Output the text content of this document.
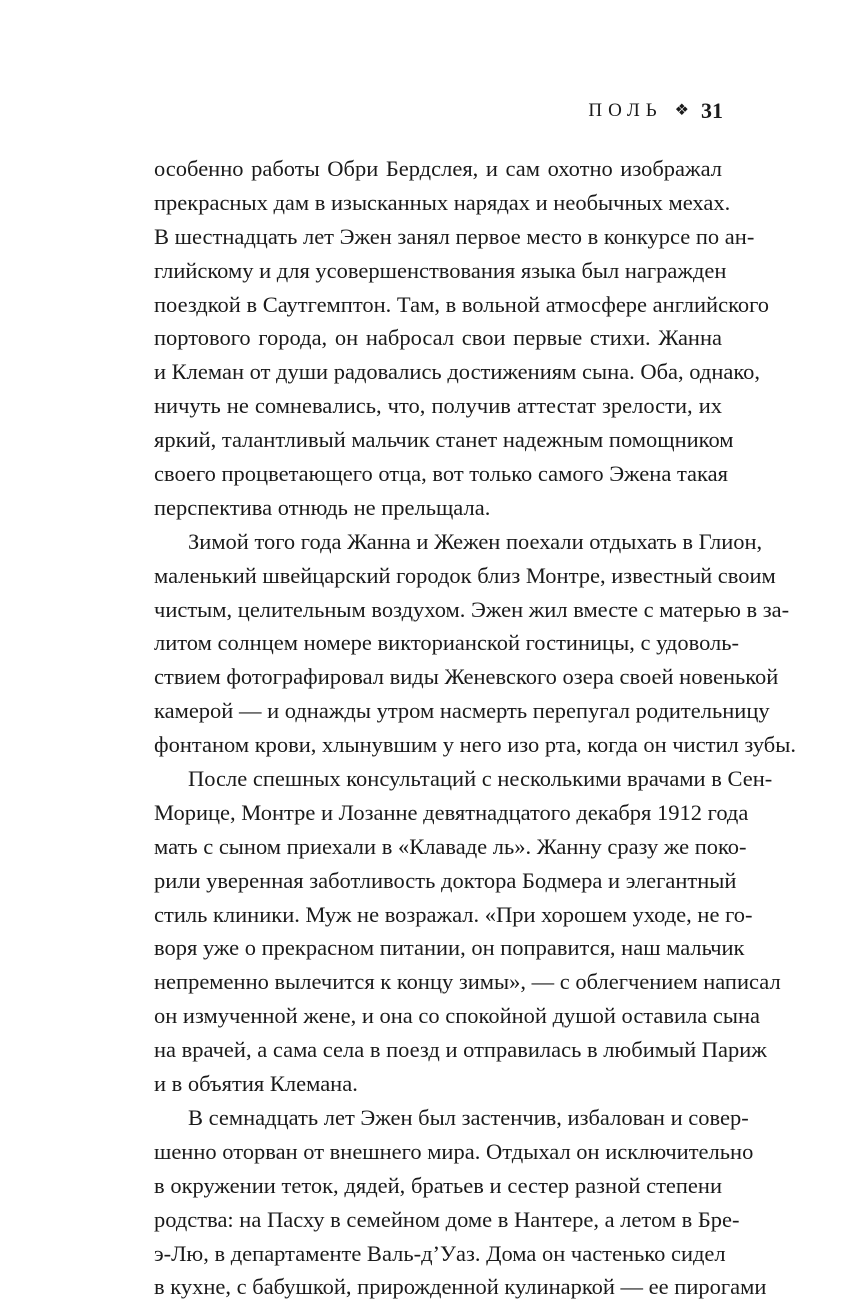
ПОЛЬ ❖ 31
особенно работы Обри Бердслея, и сам охотно изображал
прекрасных дам в изысканных нарядах и необычных мехах.
В шестнадцать лет Эжен занял первое место в конкурсе по ан-
глийскому и для усовершенствования языка был награжден
поездкой в Саутгемптон. Там, в вольной атмосфере английского
портового города, он набросал свои первые стихи. Жанна
и Клеман от души радовались достижениям сына. Оба, однако,
ничуть не сомневались, что, получив аттестат зрелости, их
яркий, талантливый мальчик станет надежным помощником
своего процветающего отца, вот только самого Эжена такая
перспектива отнюдь не прельщала.
Зимой того года Жанна и Жежен поехали отдыхать в Глион,
маленький швейцарский городок близ Монтре, известный своим
чистым, целительным воздухом. Эжен жил вместе с матерью в за-
литом солнцем номере викторианской гостиницы, с удоволь-
ствием фотографировал виды Женевского озера своей новенькой
камерой — и однажды утром насмерть перепугал родительницу
фонтаном крови, хлынувшим у него изо рта, когда он чистил зубы.
После спешных консультаций с несколькими врачами в Сен-
Морице, Монтре и Лозанне девятнадцатого декабря 1912 года
мать с сыном приехали в «Клаваде ль». Жанну сразу же поко-
рили уверенная заботливость доктора Бодмера и элегантный
стиль клиники. Муж не возражал. «При хорошем уходе, не го-
воря уже о прекрасном питании, он поправится, наш мальчик
непременно вылечится к концу зимы», — с облегчением написал
он измученной жене, и она со спокойной душой оставила сына
на врачей, а сама села в поезд и отправилась в любимый Париж
и в объятия Клемана.
В семнадцать лет Эжен был застенчив, избалован и совер-
шенно оторван от внешнего мира. Отдыхал он исключительно
в окружении теток, дядей, братьев и сестер разной степени
родства: на Пасху в семейном доме в Нантере, а летом в Бре-
э-Лю, в департаменте Валь-д’Уаз. Дома он частенько сидел
в кухне, с бабушкой, прирожденной кулинаркой — ее пирогами
